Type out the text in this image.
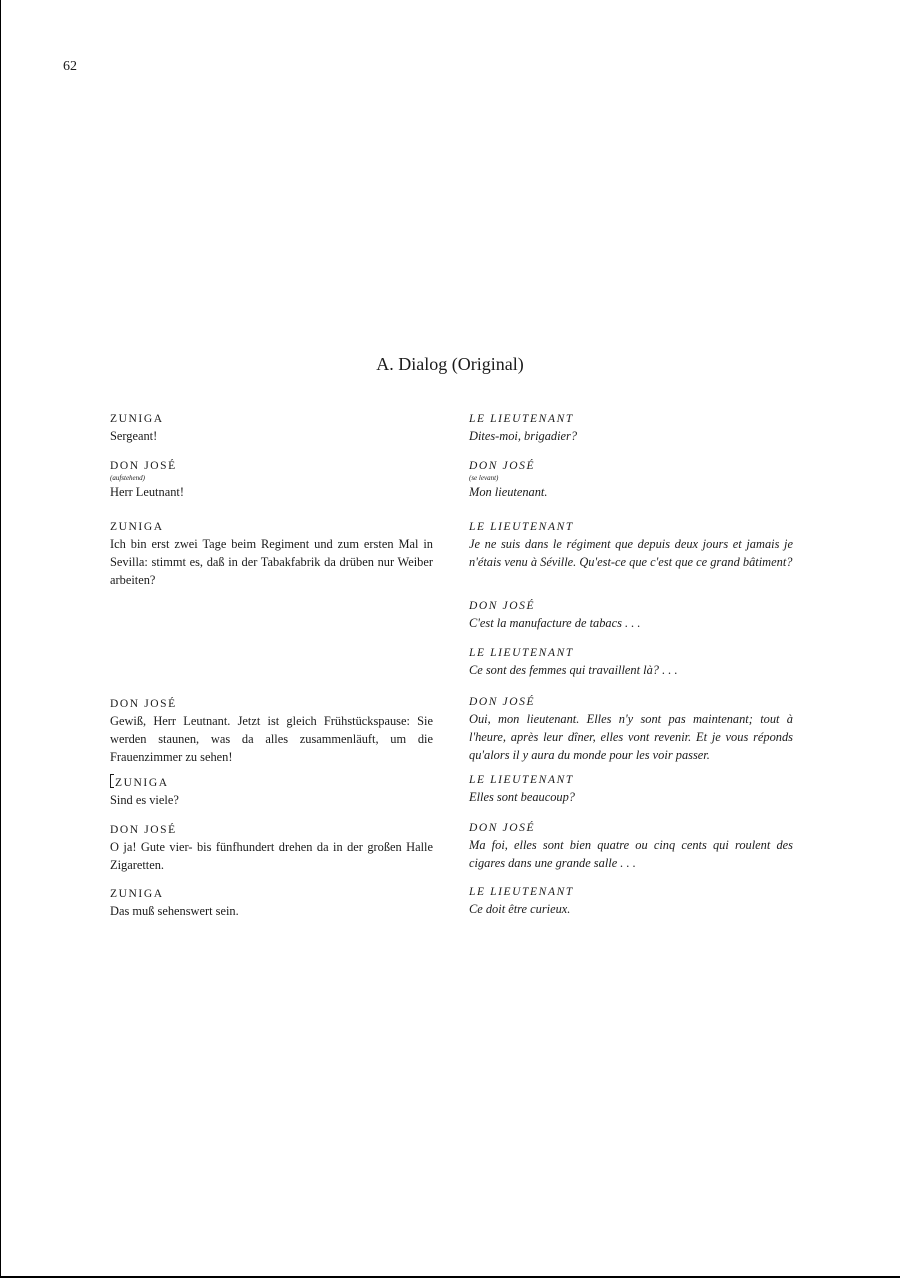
62
A. Dialog (Original)
ZUNIGA
Sergeant!
DON JOSÉ
(aufstehend)
Herr Leutnant!
ZUNIGA
Ich bin erst zwei Tage beim Regiment und zum ersten Mal in Sevilla: stimmt es, daß in der Tabakfabrik da drüben nur Weiber arbeiten?
DON JOSÉ
Gewiß, Herr Leutnant. Jetzt ist gleich Frühstückspause: Sie werden staunen, was da alles zusammenläuft, um die Frauenzimmer zu sehen!
ZUNIGA
Sind es viele?
DON JOSÉ
O ja! Gute vier- bis fünfhundert drehen da in der großen Halle Zigaretten.
ZUNIGA
Das muß sehenswert sein.
LE LIEUTENANT
Dites-moi, brigadier?
DON JOSÉ
(se levant)
Mon lieutenant.
LE LIEUTENANT
Je ne suis dans le régiment que depuis deux jours et jamais je n'étais venu à Séville. Qu'est-ce que c'est que ce grand bâtiment?
DON JOSÉ
C'est la manufacture de tabacs . . .
LE LIEUTENANT
Ce sont des femmes qui travaillent là? . . .
DON JOSÉ
Oui, mon lieutenant. Elles n'y sont pas maintenant; tout à l'heure, après leur dîner, elles vont revenir. Et je vous réponds qu'alors il y aura du monde pour les voir passer.
LE LIEUTENANT
Elles sont beaucoup?
DON JOSÉ
Ma foi, elles sont bien quatre ou cinq cents qui roulent des cigares dans une grande salle . . .
LE LIEUTENANT
Ce doit être curieux.
